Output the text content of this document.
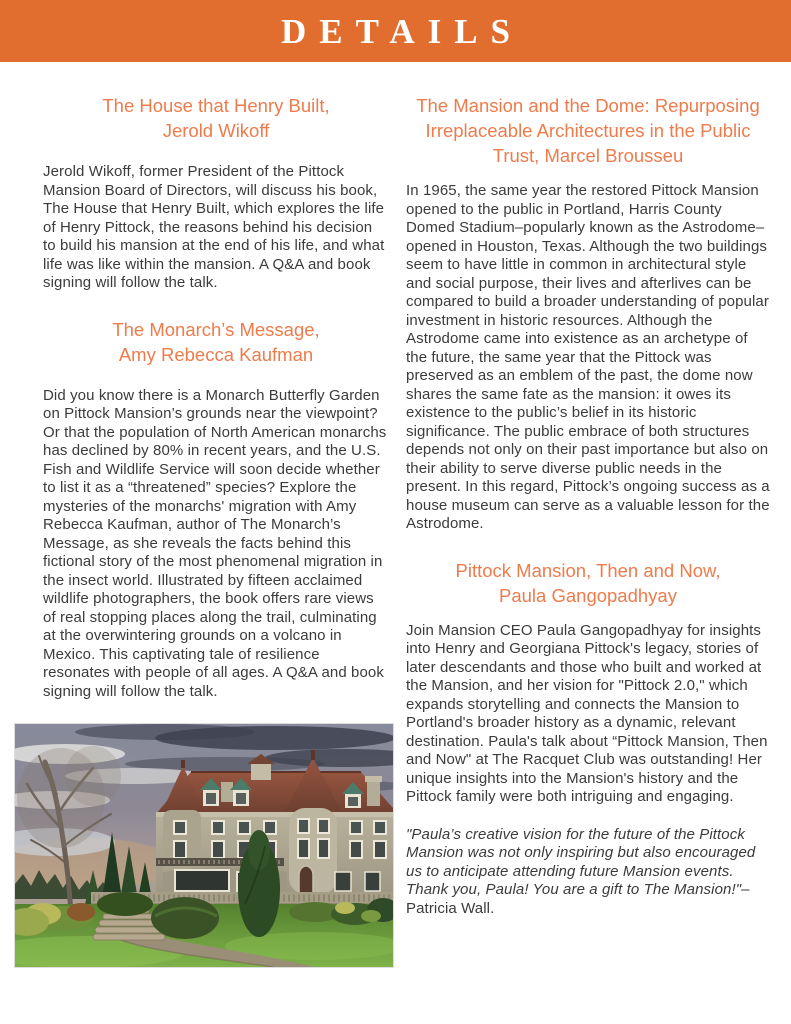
DETAILS
The House that Henry Built,
Jerold Wikoff

Jerold Wikoff, former President of the Pittock Mansion Board of Directors, will discuss his book, The House that Henry Built, which explores the life of Henry Pittock, the reasons behind his decision to build his mansion at the end of his life, and what life was like within the mansion. A Q&A and book signing will follow the talk.

The Monarch’s Message,
Amy Rebecca Kaufman

Did you know there is a Monarch Butterfly Garden on Pittock Mansion’s grounds near the viewpoint? Or that the population of North American monarchs has declined by 80% in recent years, and the U.S. Fish and Wildlife Service will soon decide whether to list it as a “threatened” species? Explore the mysteries of the monarchs' migration with Amy Rebecca Kaufman, author of The Monarch’s Message, as she reveals the facts behind this fictional story of the most phenomenal migration in the insect world. Illustrated by fifteen acclaimed wildlife photographers, the book offers rare views of real stopping places along the trail, culminating at the overwintering grounds on a volcano in Mexico. This captivating tale of resilience resonates with people of all ages. A Q&A and book signing will follow the talk.

The Mansion and the Dome: Repurposing
Irreplaceable Architectures in the Public
Trust, Marcel Brousseu

In 1965, the same year the restored Pittock Mansion opened to the public in Portland, Harris County Domed Stadium–popularly known as the Astrodome–opened in Houston, Texas. Although the two buildings seem to have little in common in architectural style and social purpose, their lives and afterlives can be compared to build a broader understanding of popular investment in historic resources. Although the Astrodome came into existence as an archetype of the future, the same year that the Pittock was preserved as an emblem of the past, the dome now shares the same fate as the mansion: it owes its existence to the public’s belief in its historic significance. The public embrace of both structures depends not only on their past importance but also on their ability to serve diverse public needs in the present. In this regard, Pittock’s ongoing success as a house museum can serve as a valuable lesson for the Astrodome.

Pittock Mansion, Then and Now,
Paula Gangopadhyay

Join Mansion CEO Paula Gangopadhyay for insights into Henry and Georgiana Pittock's legacy, stories of later descendants and those who built and worked at the Mansion, and her vision for "Pittock 2.0," which expands storytelling and connects the Mansion to Portland's broader history as a dynamic, relevant destination. Paula's talk about “Pittock Mansion, Then and Now" at The Racquet Club was outstanding! Her unique insights into the Mansion's history and the Pittock family were both intriguing and engaging.

"Paula’s creative vision for the future of the Pittock Mansion was not only inspiring but also encouraged us to anticipate attending future Mansion events. Thank you, Paula! You are a gift to The Mansion!"– Patricia Wall.
